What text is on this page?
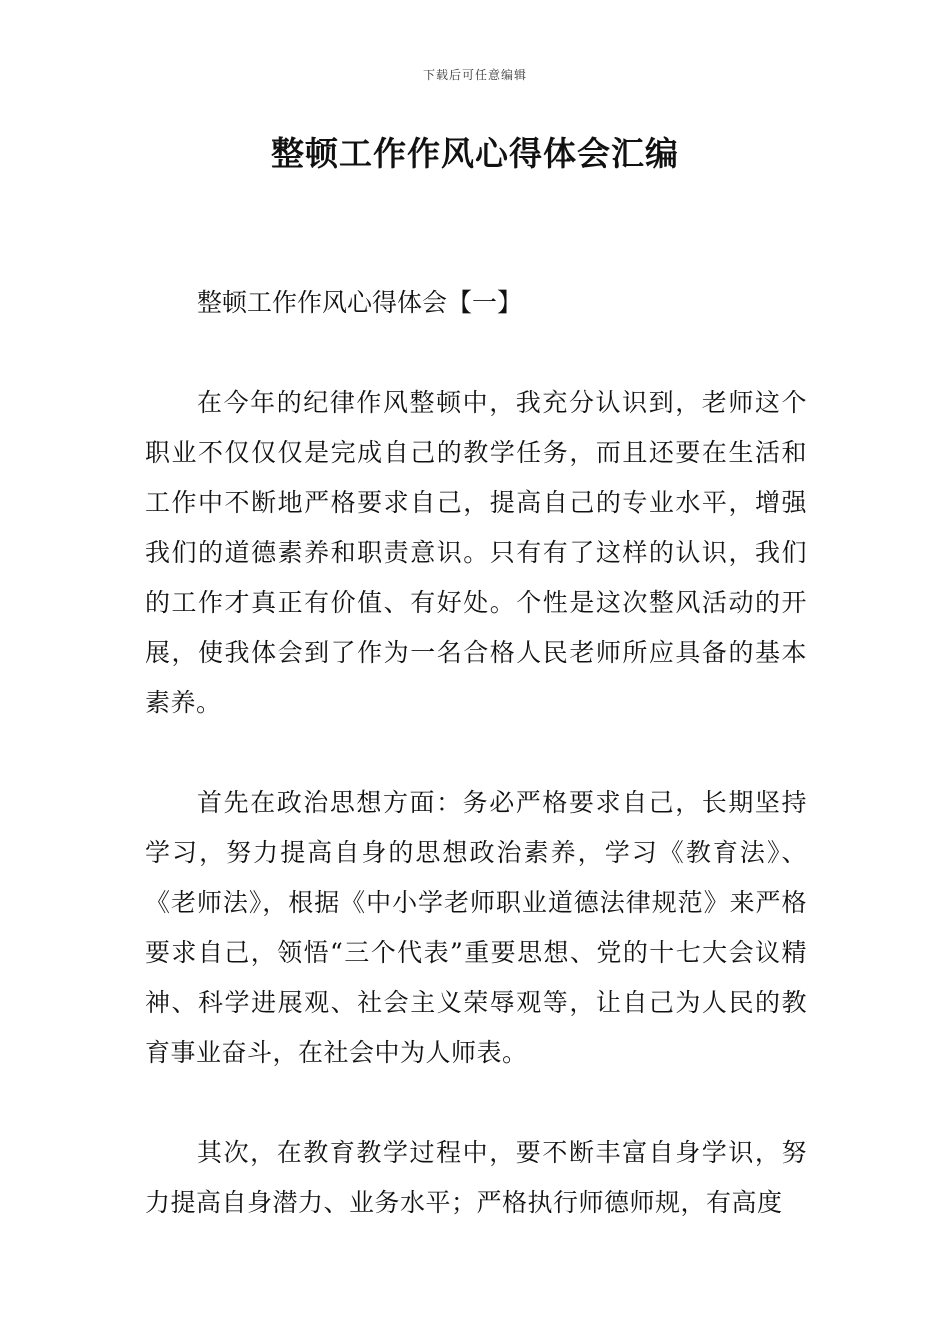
下载后可任意编辑
整顿工作作风心得体会汇编
整顿工作作风心得体会【一】

在今年的纪律作风整顿中，我充分认识到，老师这个职业不仅仅仅是完成自己的教学任务，而且还要在生活和工作中不断地严格要求自己，提高自己的专业水平，增强我们的道德素养和职责意识。只有有了这样的认识，我们的工作才真正有价值、有好处。个性是这次整风活动的开展，使我体会到了作为一名合格人民老师所应具备的基本素养。

首先在政治思想方面：务必严格要求自己，长期坚持学习，努力提高自身的思想政治素养，学习《教育法》、《老师法》，根据《中小学老师职业道德法律规范》来严格要求自己，领悟“三个代表”重要思想、党的十七大会议精神、科学进展观、社会主义荣辱观等，让自己为人民的教育事业奋斗，在社会中为人师表。

其次，在教育教学过程中，要不断丰富自身学识，努力提高自身潜力、业务水平；严格执行师德师规，有高度
